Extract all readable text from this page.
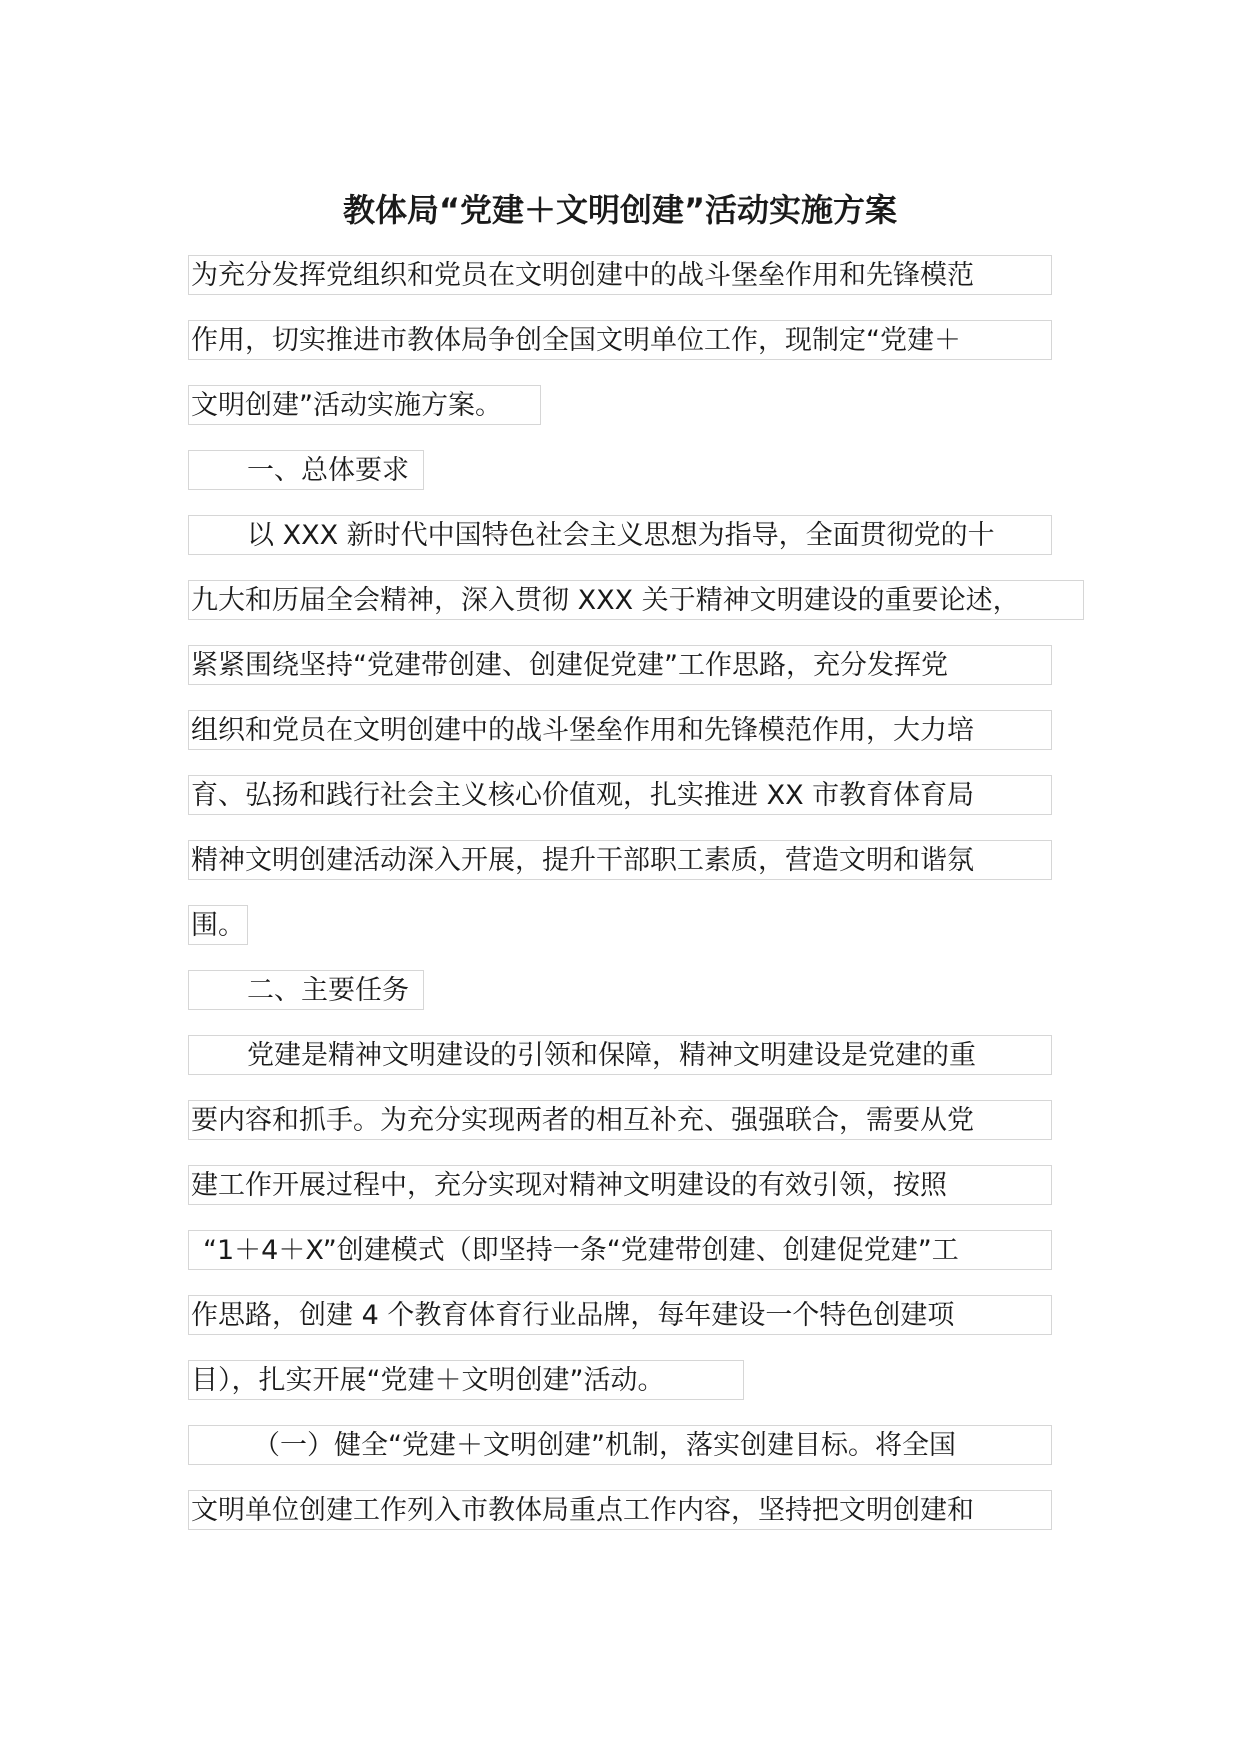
教体局“党建＋文明创建”活动实施方案
为充分发挥党组织和党员在文明创建中的战斗堡垒作用和先锋模范
作用，切实推进市教体局争创全国文明单位工作，现制定“党建＋
文明创建”活动实施方案。
一、总体要求
以 XXX 新时代中国特色社会主义思想为指导，全面贯彻党的十
九大和历届全会精神，深入贯彻 XXX 关于精神文明建设的重要论述，
紧紧围绕坚持“党建带创建、创建促党建”工作思路，充分发挥党
组织和党员在文明创建中的战斗堡垒作用和先锋模范作用，大力培
育、弘扬和践行社会主义核心价值观，扎实推进 XX 市教育体育局
精神文明创建活动深入开展，提升干部职工素质，营造文明和谐氛
围。
二、主要任务
党建是精神文明建设的引领和保障，精神文明建设是党建的重
要内容和抓手。为充分实现两者的相互补充、强强联合，需要从党
建工作开展过程中，充分实现对精神文明建设的有效引领，按照
“1＋4＋X”创建模式（即坚持一条“党建带创建、创建促党建”工
作思路，创建 4 个教育体育行业品牌，每年建设一个特色创建项
目），扎实开展“党建＋文明创建”活动。
（一）健全“党建＋文明创建”机制，落实创建目标。将全国
文明单位创建工作列入市教体局重点工作内容，坚持把文明创建和
